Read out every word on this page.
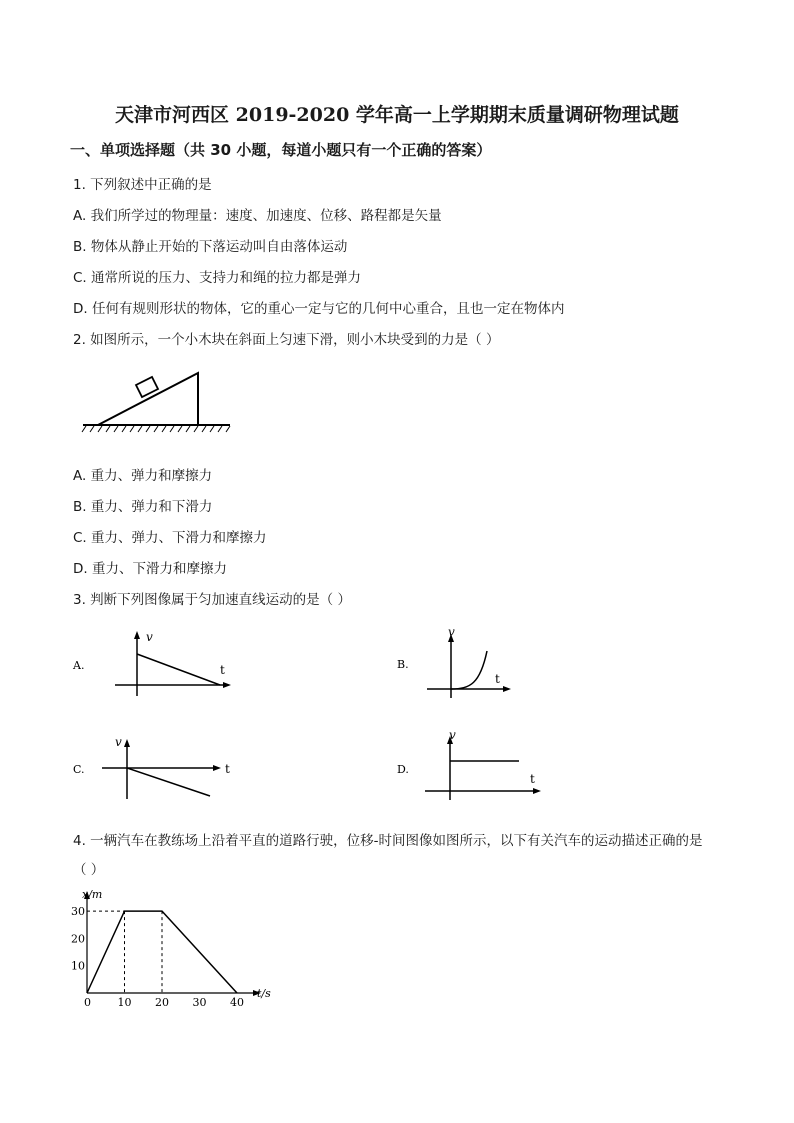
天津市河西区 2019-2020 学年高一上学期期末质量调研物理试题
一、单项选择题（共 30 小题，每道小题只有一个正确的答案）
1. 下列叙述中正确的是
A. 我们所学过的物理量：速度、加速度、位移、路程都是矢量
B. 物体从静止开始的下落运动叫自由落体运动
C. 通常所说的压力、支持力和绳的拉力都是弹力
D. 任何有规则形状的物体，它的重心一定与它的几何中心重合，且也一定在物体内
2. 如图所示，一个小木块在斜面上匀速下滑，则小木块受到的力是（ ）
A. 重力、弹力和摩擦力
B. 重力、弹力和下滑力
C. 重力、弹力、下滑力和摩擦力
D. 重力、下滑力和摩擦力
3. 判断下列图像属于匀加速直线运动的是（ ）
A.
v
t	B.
v
t
C.
v
t	D.
v
t
4. 一辆汽车在教练场上沿着平直的道路行驶，位移-时间图像如图所示，以下有关汽车的运动描述正确的是
（ ）
x/m
t/s
0 10 20 30 40
10
20
30
